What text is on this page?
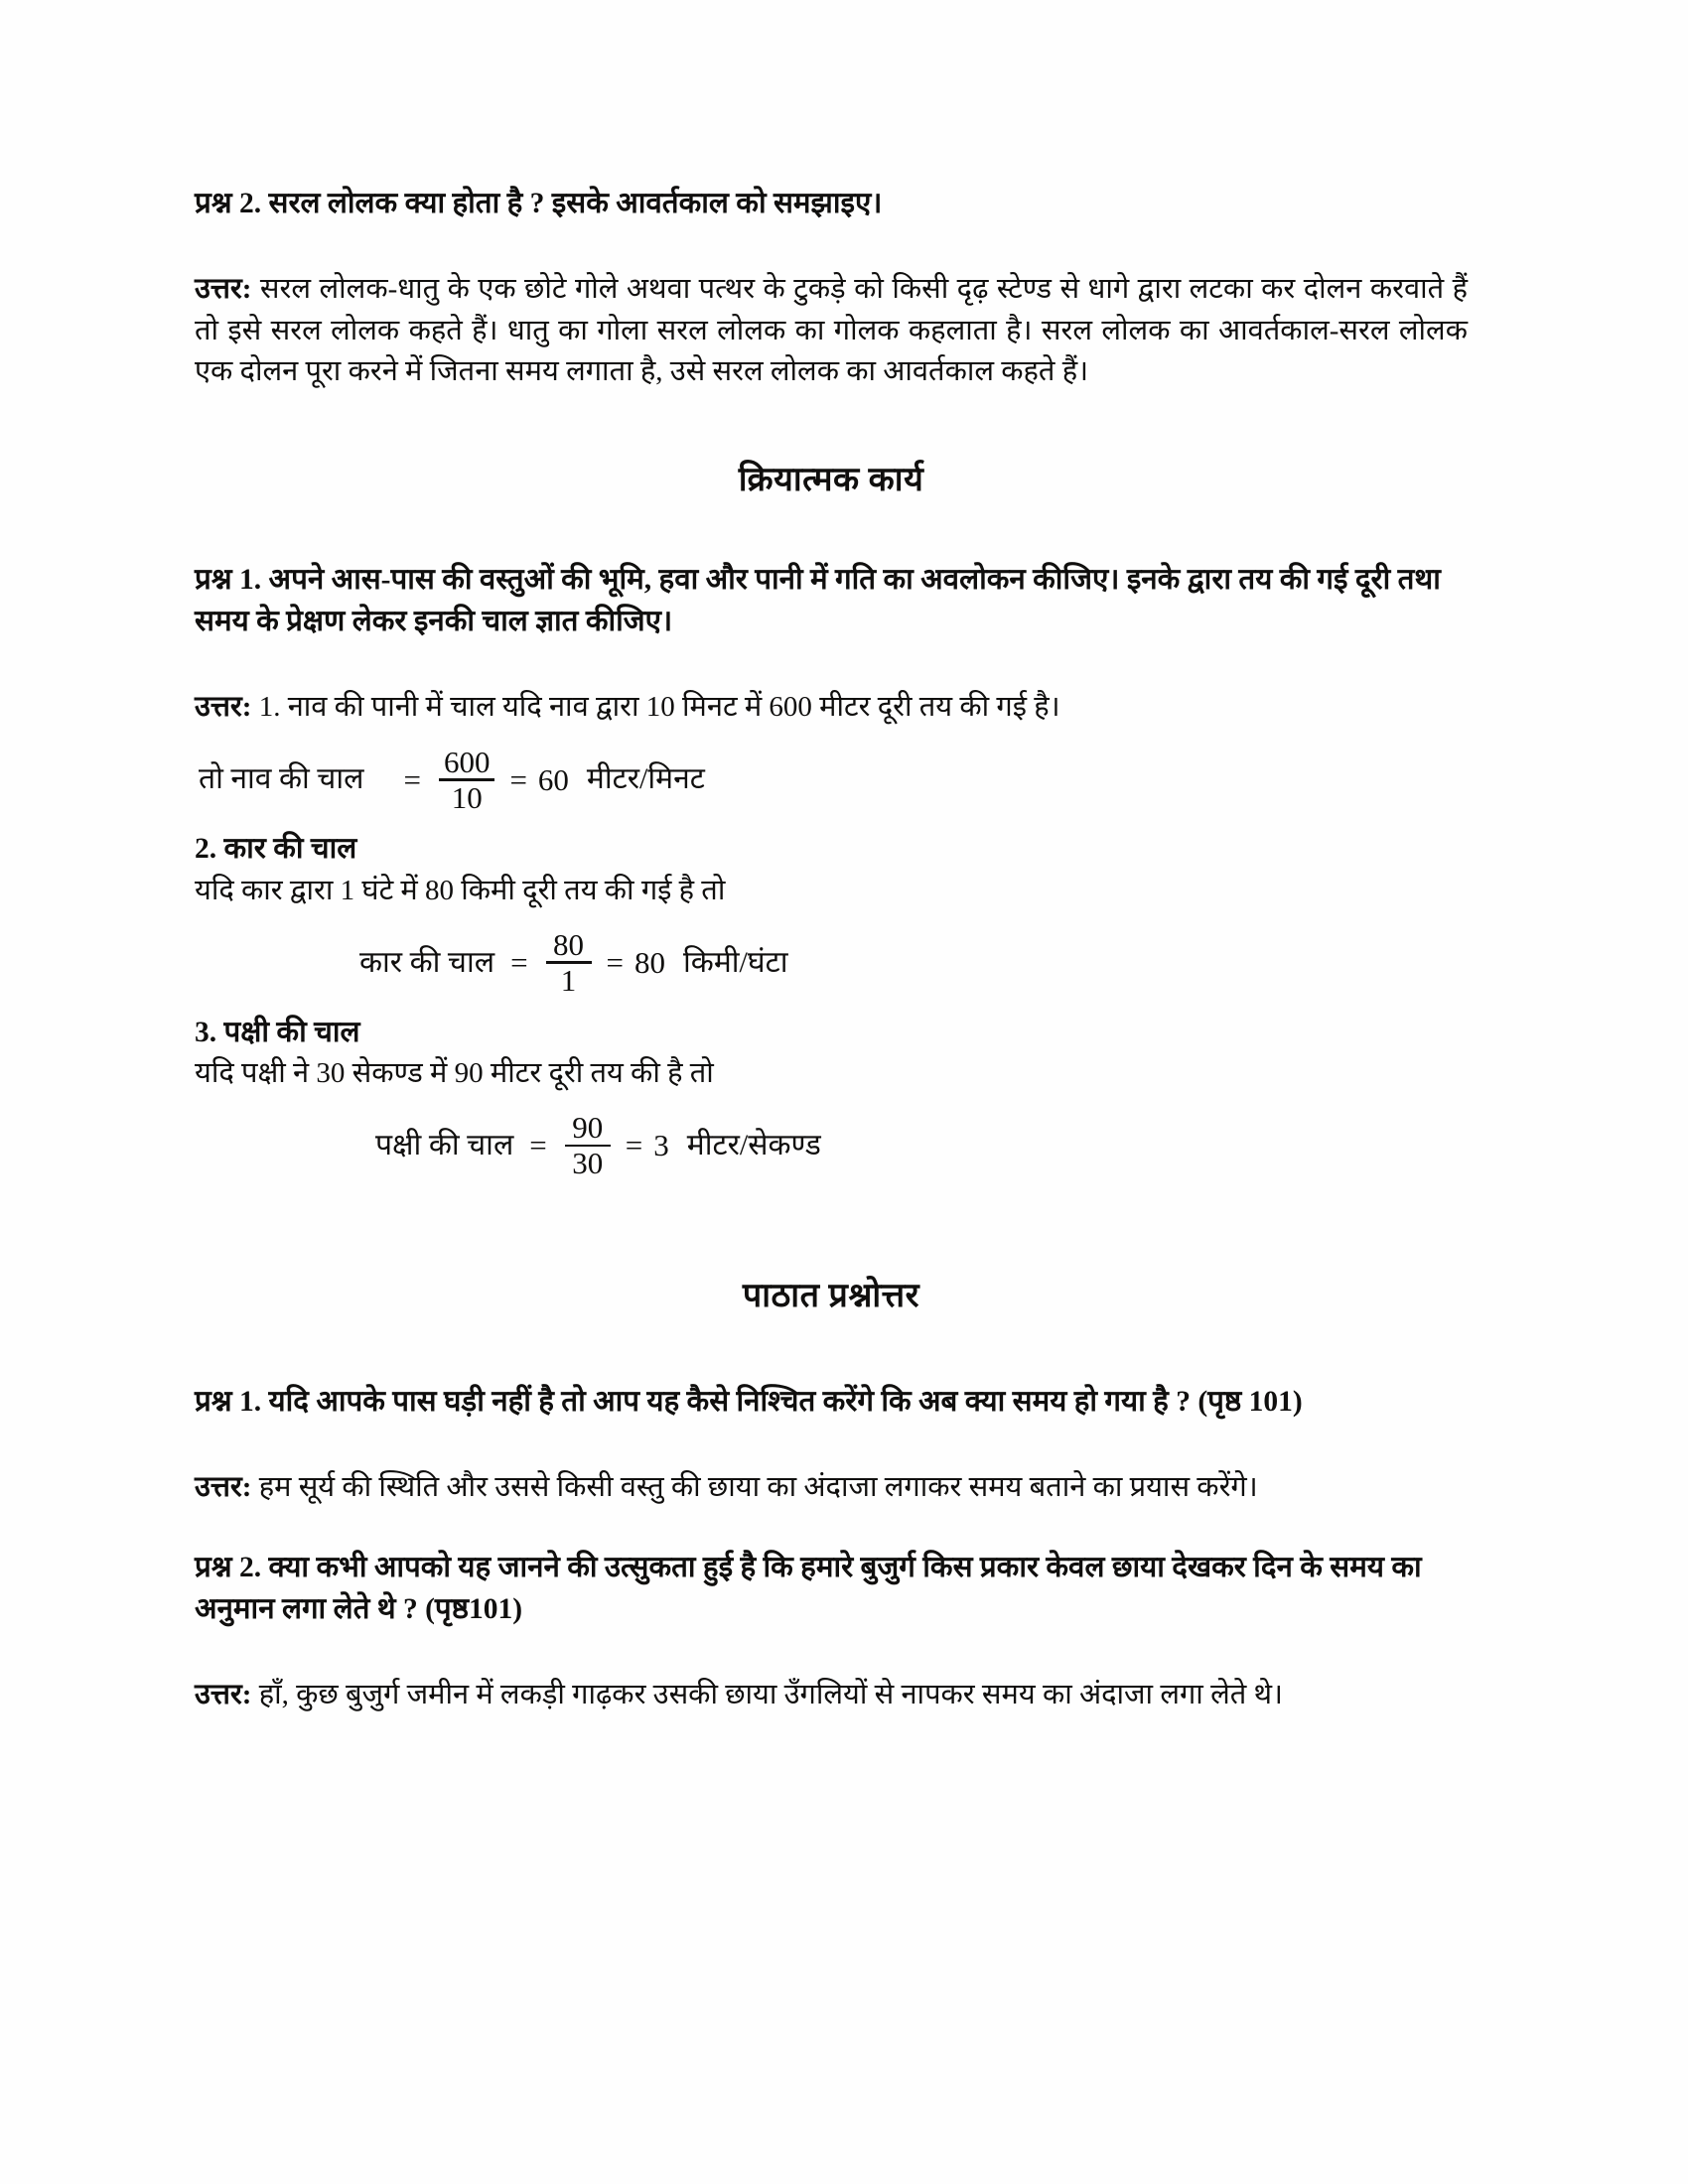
प्रश्न 2. सरल लोलक क्या होता है ? इसके आवर्तकाल को समझाइए।

उत्तर: सरल लोलक-धातु के एक छोटे गोले अथवा पत्थर के टुकड़े को किसी दृढ़ स्टेण्ड से धागे द्वारा लटका कर दोलन करवाते हैं तो इसे सरल लोलक कहते हैं। धातु का गोला सरल लोलक का गोलक कहलाता है। सरल लोलक का आवर्तकाल-सरल लोलक एक दोलन पूरा करने में जितना समय लगाता है, उसे सरल लोलक का आवर्तकाल कहते हैं।

क्रियात्मक कार्य

प्रश्न 1. अपने आस-पास की वस्तुओं की भूमि, हवा और पानी में गति का अवलोकन कीजिए। इनके द्वारा तय की गई दूरी तथा समय के प्रेक्षण लेकर इनकी चाल ज्ञात कीजिए।

उत्तर: 1. नाव की पानी में चाल यदि नाव द्वारा 10 मिनट में 600 मीटर दूरी तय की गई है।

तो नाव की चाल = $\frac{600}{10} = 60$ मीटर/मिनट

2. कार की चाल

यदि कार द्वारा 1 घंटे में 80 किमी दूरी तय की गई है तो

कार की चाल = $\frac{80}{1} = 80$ किमी/घंटा

3. पक्षी की चाल

यदि पक्षी ने 30 सेकण्ड में 90 मीटर दूरी तय की है तो

पक्षी की चाल = $\frac{90}{30} = 3$ मीटर/सेकण्ड
पाठात प्रश्नोत्तर

प्रश्न 1. यदि आपके पास घड़ी नहीं है तो आप यह कैसे निश्चित करेंगे कि अब क्या समय हो गया है ? (पृष्ठ 101)

उत्तर: हम सूर्य की स्थिति और उससे किसी वस्तु की छाया का अंदाजा लगाकर समय बताने का प्रयास करेंगे।

प्रश्न 2. क्या कभी आपको यह जानने की उत्सुकता हुई है कि हमारे बुजुर्ग किस प्रकार केवल छाया देखकर दिन के समय का अनुमान लगा लेते थे ? (पृष्ठ101)

उत्तर: हाँ, कुछ बुजुर्ग जमीन में लकड़ी गाढ़कर उसकी छाया उँगलियों से नापकर समय का अंदाजा लगा लेते थे।
